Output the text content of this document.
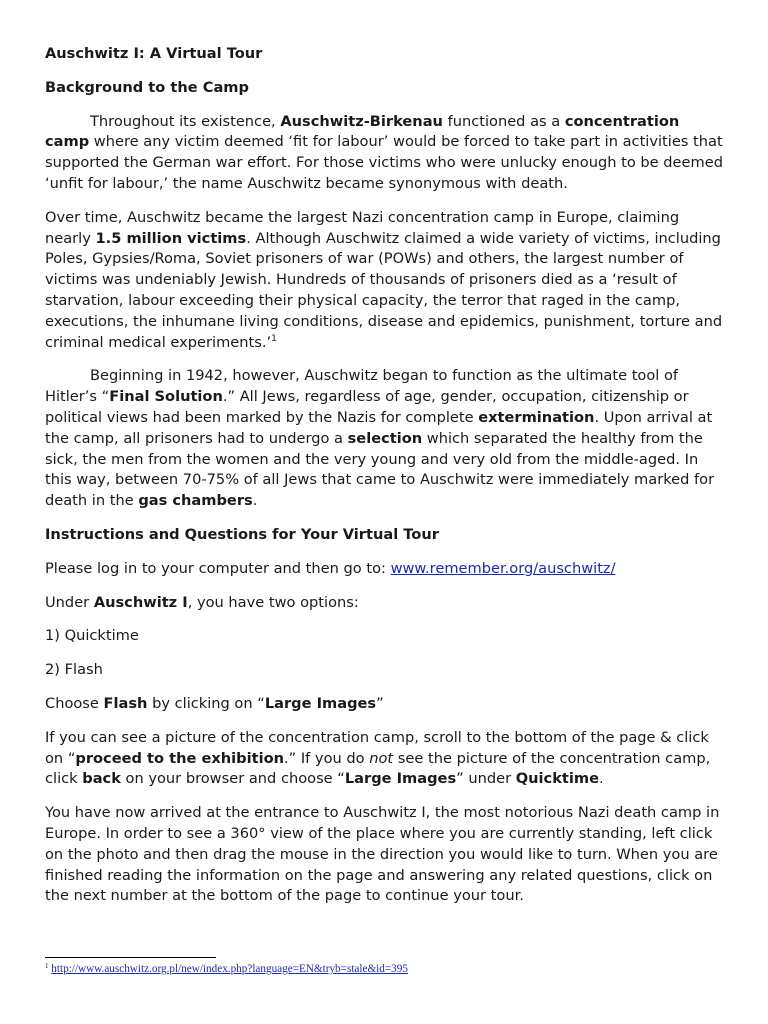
Auschwitz I: A Virtual Tour

Background to the Camp

Throughout its existence, Auschwitz-Birkenau functioned as a concentration camp where any victim deemed ‘fit for labour’ would be forced to take part in activities that supported the German war effort. For those victims who were unlucky enough to be deemed ‘unfit for labour,’ the name Auschwitz became synonymous with death.

Over time, Auschwitz became the largest Nazi concentration camp in Europe, claiming nearly 1.5 million victims. Although Auschwitz claimed a wide variety of victims, including Poles, Gypsies/Roma, Soviet prisoners of war (POWs) and others, the largest number of victims was undeniably Jewish. Hundreds of thousands of prisoners died as a ‘result of starvation, labour exceeding their physical capacity, the terror that raged in the camp, executions, the inhumane living conditions, disease and epidemics, punishment, torture and criminal medical experiments.’$^1$

Beginning in 1942, however, Auschwitz began to function as the ultimate tool of Hitler’s “Final Solution.” All Jews, regardless of age, gender, occupation, citizenship or political views had been marked by the Nazis for complete extermination. Upon arrival at the camp, all prisoners had to undergo a selection which separated the healthy from the sick, the men from the women and the very young and very old from the middle-aged. In this way, between 70-75% of all Jews that came to Auschwitz were immediately marked for death in the gas chambers.

Instructions and Questions for Your Virtual Tour

Please log in to your computer and then go to: www.remember.org/auschwitz/

Under Auschwitz I, you have two options:

1) Quicktime

2) Flash

Choose Flash by clicking on “Large Images”

If you can see a picture of the concentration camp, scroll to the bottom of the page & click on “proceed to the exhibition.” If you do not see the picture of the concentration camp, click back on your browser and choose “Large Images” under Quicktime.

You have now arrived at the entrance to Auschwitz I, the most notorious Nazi death camp in Europe. In order to see a 360° view of the place where you are currently standing, left click on the photo and then drag the mouse in the direction you would like to turn. When you are finished reading the information on the page and answering any related questions, click on the next number at the bottom of the page to continue your tour.

$^1$ http://www.auschwitz.org.pl/new/index.php?language=EN&tryb=stale&id=395
